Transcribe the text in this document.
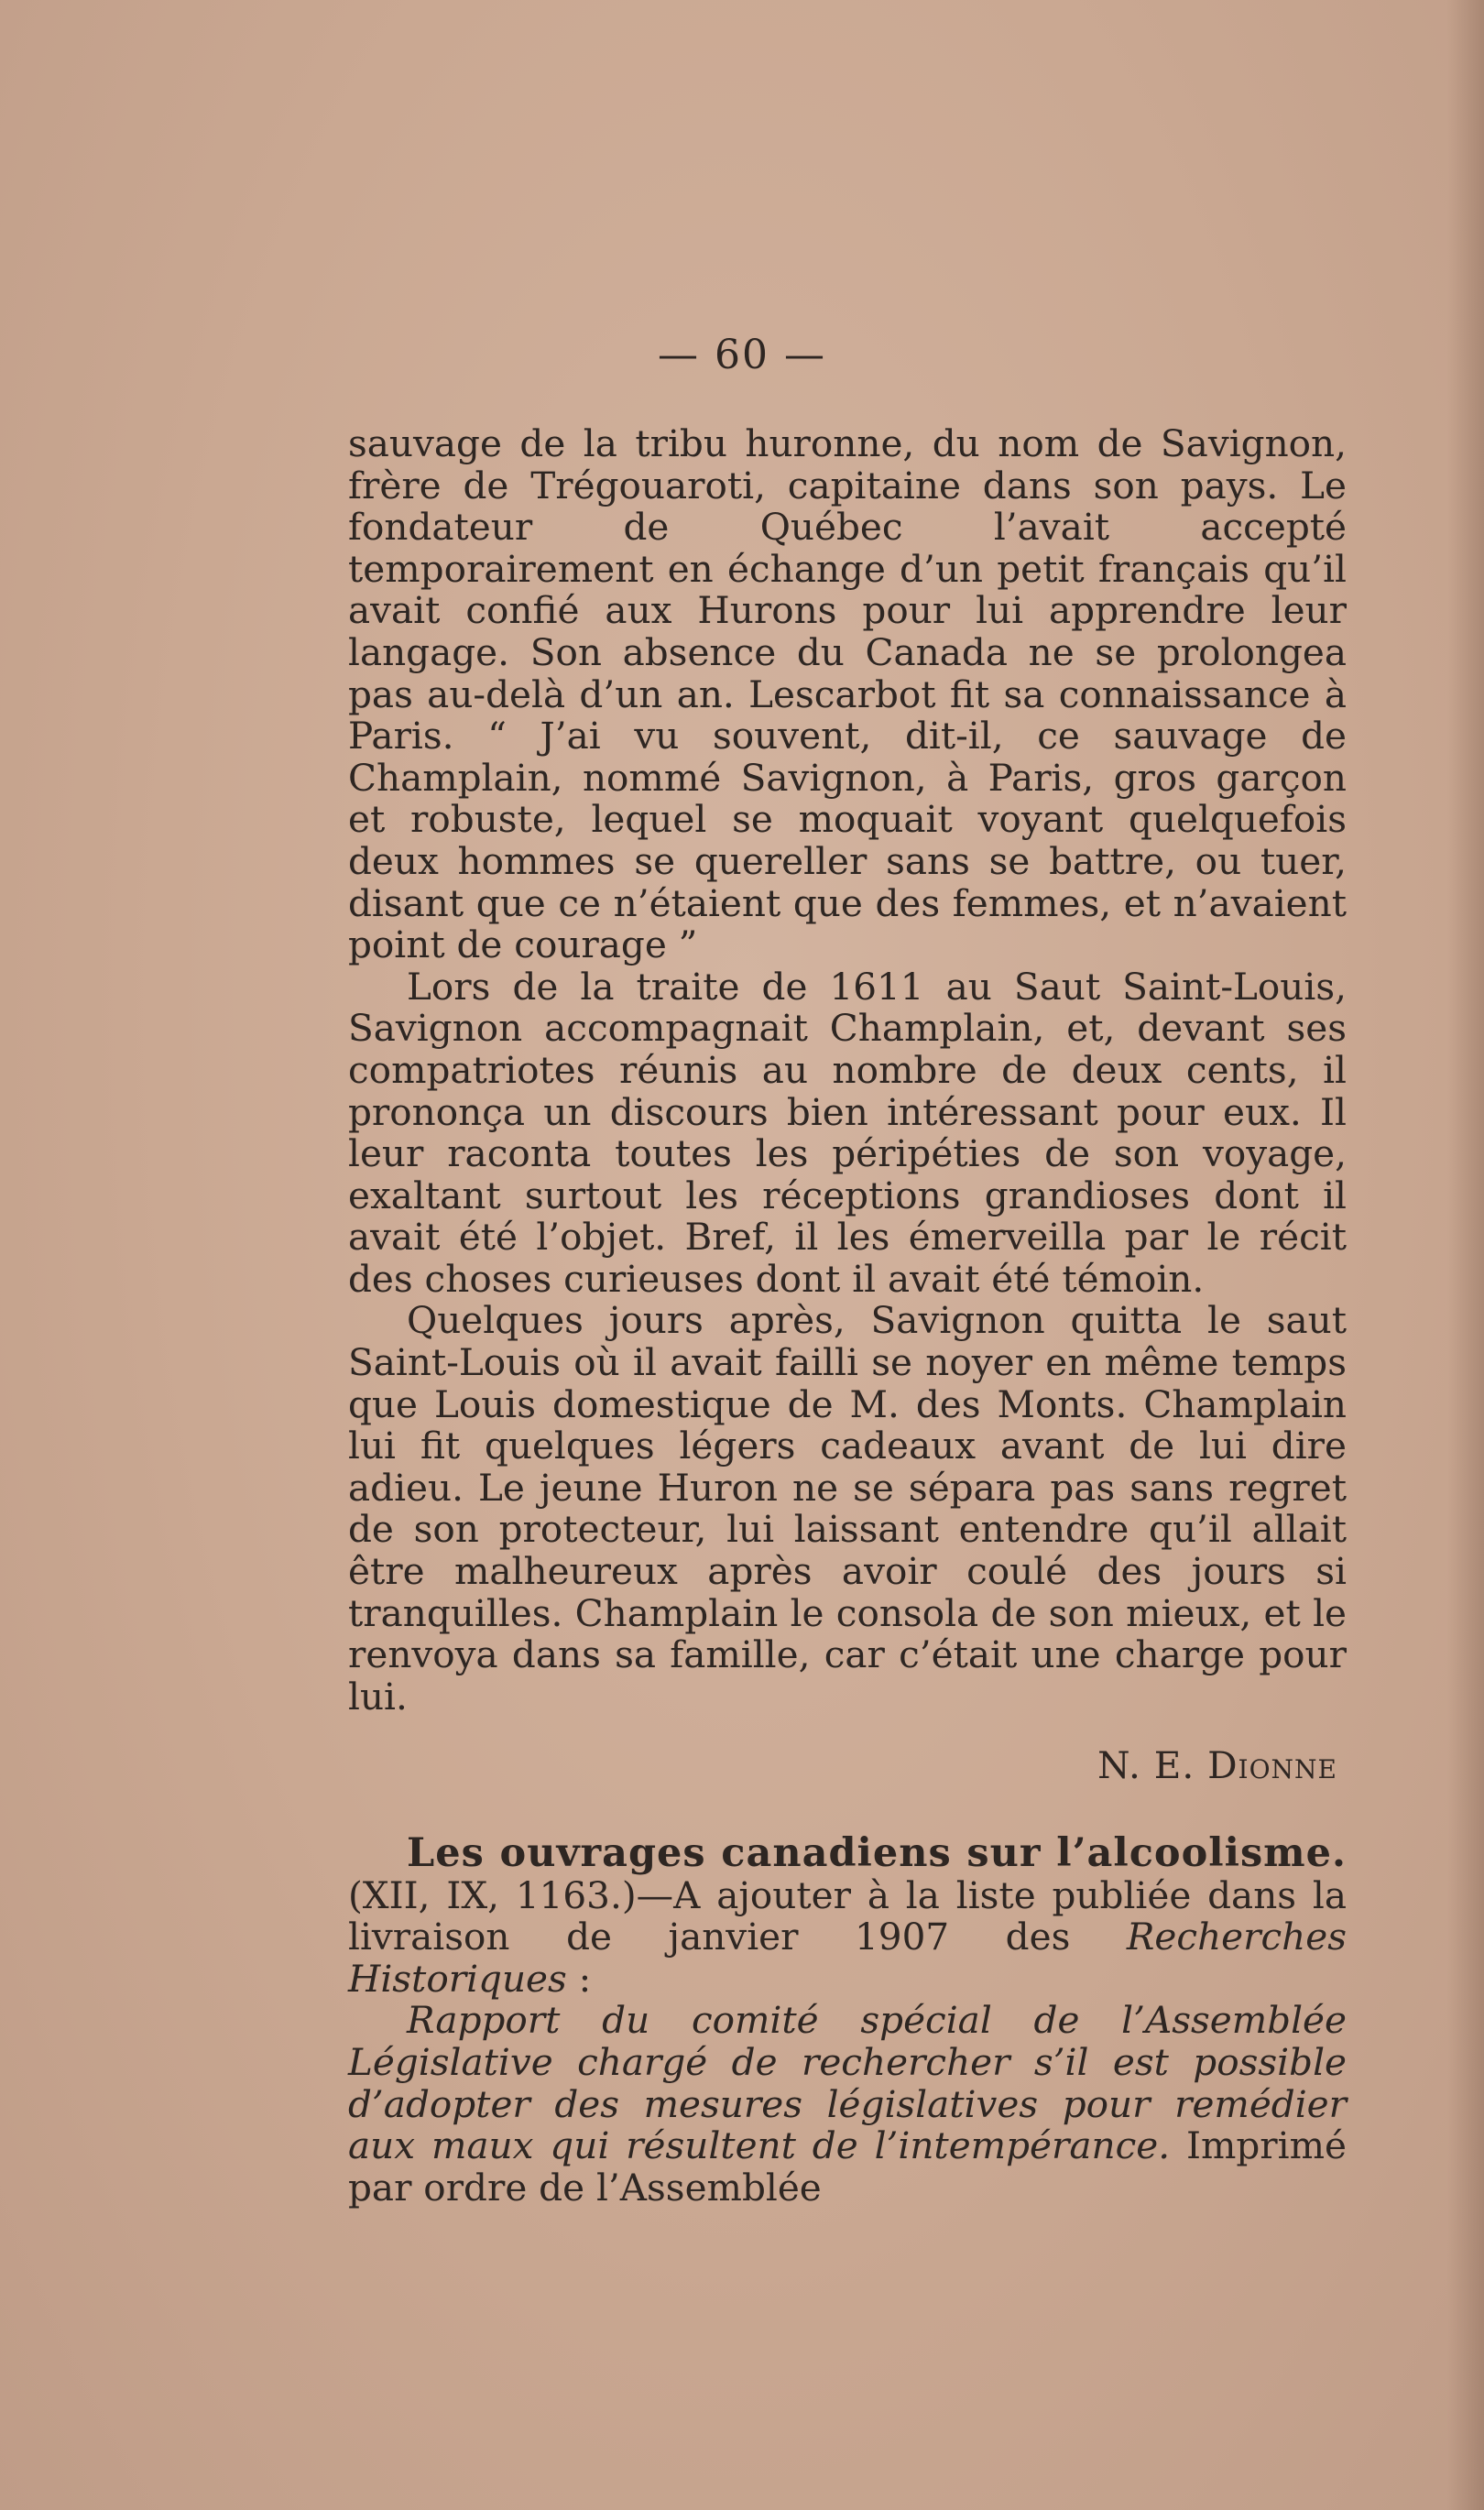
— 60 —

sauvage de la tribu huronne, du nom de Savignon, frère de Trégouaroti, capitaine dans son pays. Le fondateur de Québec l’avait accepté temporairement en échange d’un petit français qu’il avait confié aux Hurons pour lui apprendre leur langage. Son absence du Canada ne se prolongea pas au-delà d’un an. Lescarbot fit sa connaissance à Paris. “ J’ai vu souvent, dit-il, ce sauvage de Champlain, nommé Savignon, à Paris, gros garçon et robuste, lequel se moquait voyant quelquefois deux hommes se quereller sans se battre, ou tuer, disant que ce n’étaient que des femmes, et n’avaient point de courage ”

Lors de la traite de 1611 au Saut Saint-Louis, Savignon accompagnait Champlain, et, devant ses compatriotes réunis au nombre de deux cents, il prononça un discours bien intéressant pour eux. Il leur raconta toutes les péripéties de son voyage, exaltant surtout les réceptions grandioses dont il avait été l’objet. Bref, il les émerveilla par le récit des choses curieuses dont il avait été témoin.

Quelques jours après, Savignon quitta le saut Saint-Louis où il avait failli se noyer en même temps que Louis domestique de M. des Monts. Champlain lui fit quelques légers cadeaux avant de lui dire adieu. Le jeune Huron ne se sépara pas sans regret de son protecteur, lui laissant entendre qu’il allait être malheureux après avoir coulé des jours si tranquilles. Champlain le consola de son mieux, et le renvoya dans sa famille, car c’était une charge pour lui.

N. E. Dionne

Les ouvrages canadiens sur l’alcoolisme. (XII, IX, 1163.)—A ajouter à la liste publiée dans la livraison de janvier 1907 des Recherches Historiques :

Rapport du comité spécial de l’Assemblée Législative chargé de rechercher s’il est possible d’adopter des mesures législatives pour remédier aux maux qui résultent de l’intempérance. Imprimé par ordre de l’Assemblée
